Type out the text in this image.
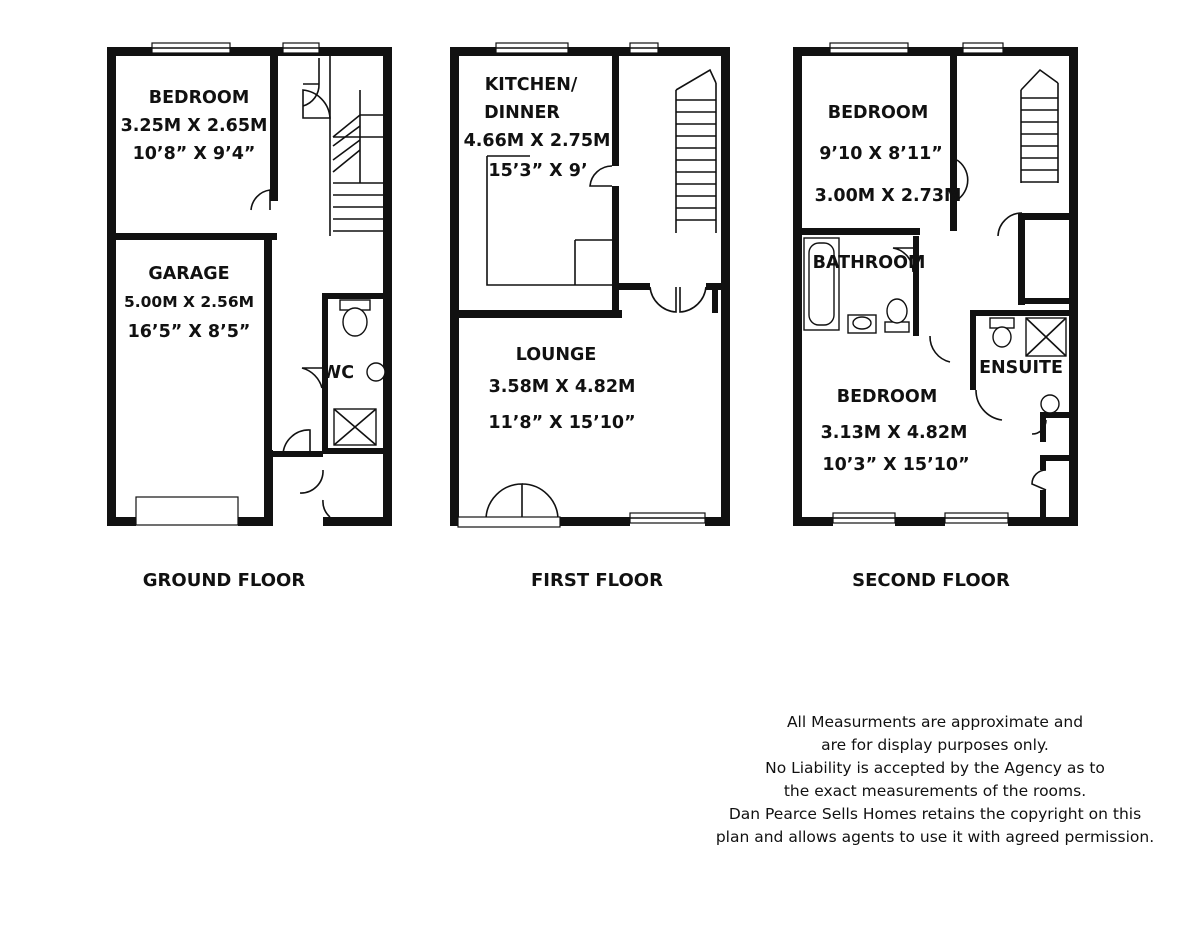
BEDROOM
3.25M X 2.65M
10’8” X 9’4”
GARAGE
5.00M X 2.56M
16’5” X 8’5”
WC
GROUND FLOOR
KITCHEN/
DINNER
4.66M X 2.75M
15’3” X 9’
LOUNGE
3.58M X 4.82M
11’8” X 15’10”
FIRST FLOOR
BEDROOM
9’10 X 8’11”
3.00M X 2.73M
BATHROOM
ENSUITE
BEDROOM
3.13M X 4.82M
10’3” X 15’10”
SECOND FLOOR
All Measurments are approximate and
are for display purposes only.
No Liability is accepted by the Agency as to
the exact measurements of the rooms.
Dan Pearce Sells Homes retains the copyright on this
plan and allows agents to use it with agreed permission.
